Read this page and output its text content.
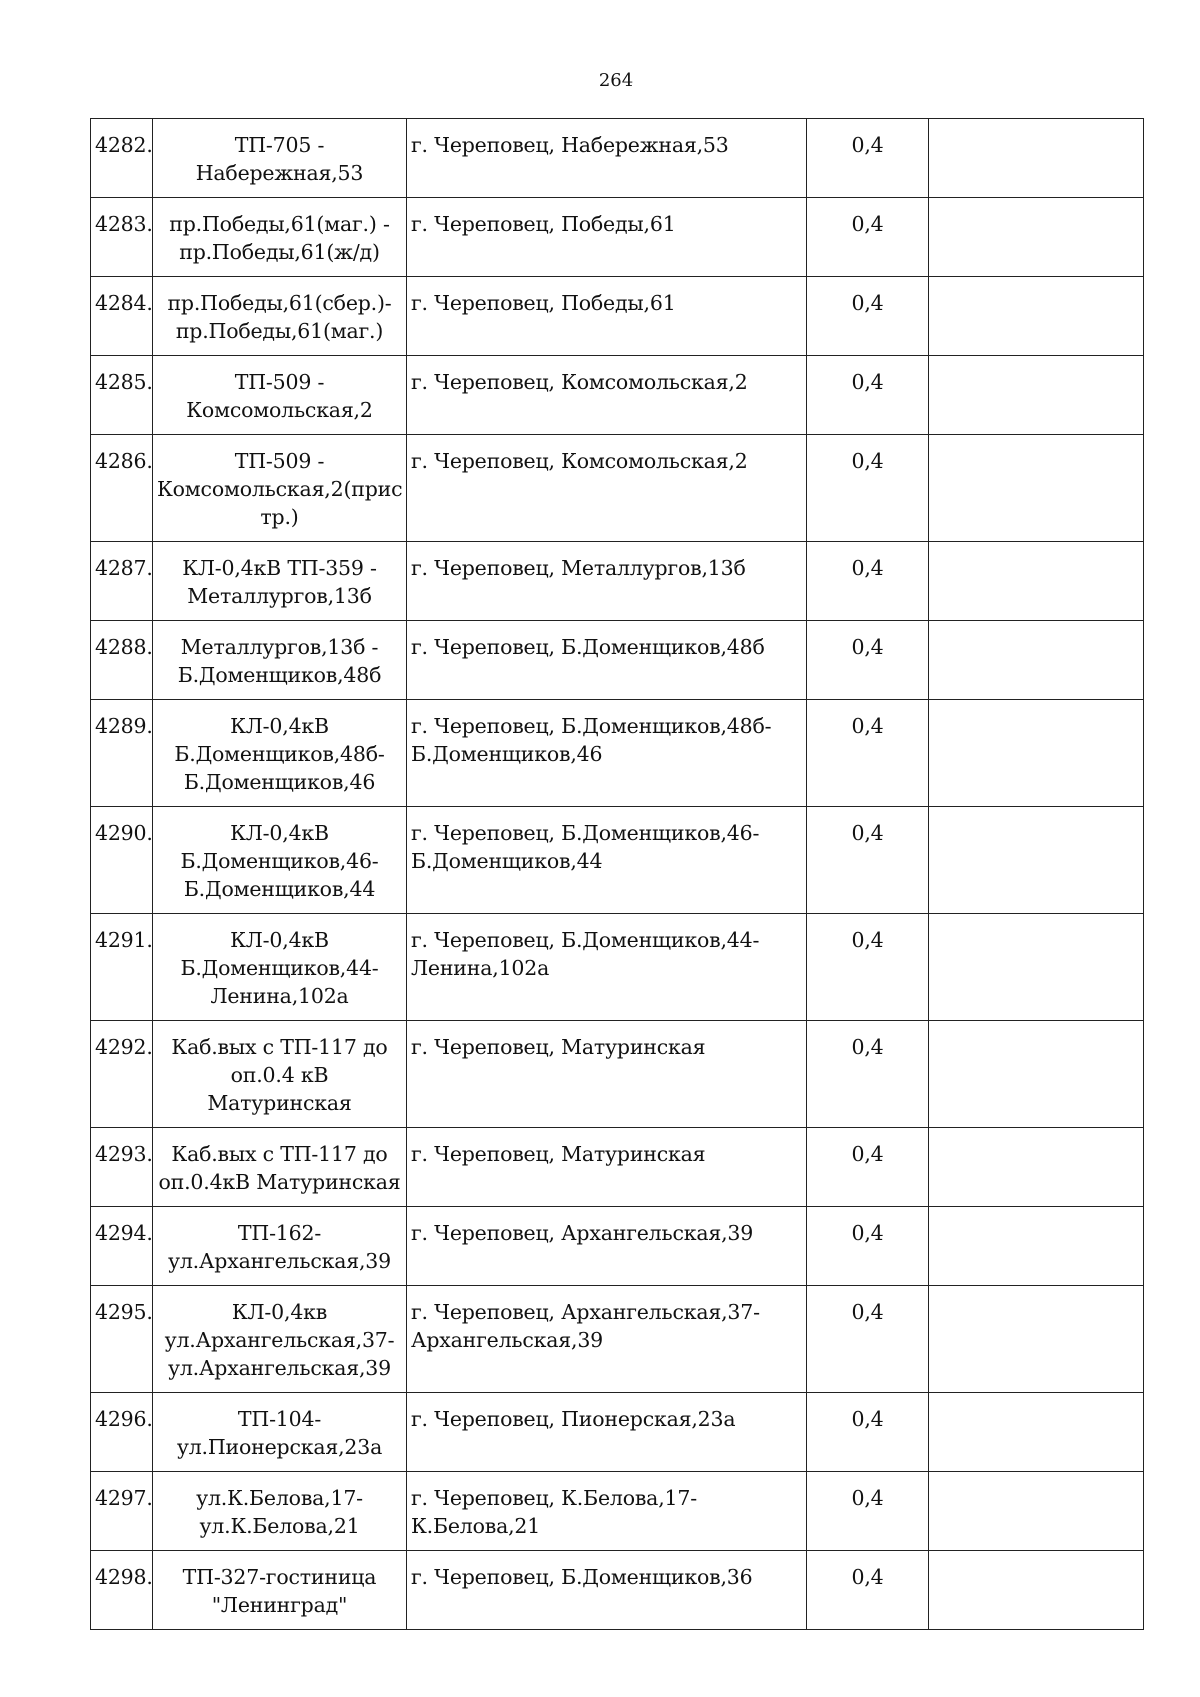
264
4282.	ТП-705 -
Набережная,53	г. Череповец, Набережная,53	0,4	
4283.	пр.Победы,61(маг.) -
пр.Победы,61(ж/д)	г. Череповец, Победы,61	0,4	
4284.	пр.Победы,61(сбер.)-
пр.Победы,61(маг.)	г. Череповец, Победы,61	0,4	
4285.	ТП-509 -
Комсомольская,2	г. Череповец, Комсомольская,2	0,4	
4286.	ТП-509 -
Комсомольская,2(прис
тр.)	г. Череповец, Комсомольская,2	0,4	
4287.	КЛ-0,4кВ ТП-359 -
Металлургов,13б	г. Череповец, Металлургов,13б	0,4	
4288.	Металлургов,13б -
Б.Доменщиков,48б	г. Череповец, Б.Доменщиков,48б	0,4	
4289.	КЛ-0,4кВ
Б.Доменщиков,48б-
Б.Доменщиков,46	г. Череповец, Б.Доменщиков,48б-
Б.Доменщиков,46	0,4	
4290.	КЛ-0,4кВ
Б.Доменщиков,46-
Б.Доменщиков,44	г. Череповец, Б.Доменщиков,46-
Б.Доменщиков,44	0,4	
4291.	КЛ-0,4кВ
Б.Доменщиков,44-
Ленина,102а	г. Череповец, Б.Доменщиков,44-
Ленина,102а	0,4	
4292.	Каб.вых с ТП-117 до
оп.0.4 кВ Матуринская	г. Череповец, Матуринская	0,4	
4293.	Каб.вых с ТП-117 до
оп.0.4кВ Матуринская	г. Череповец, Матуринская	0,4	
4294.	ТП-162-
ул.Архангельская,39	г. Череповец, Архангельская,39	0,4	
4295.	КЛ-0,4кв
ул.Архангельская,37-
ул.Архангельская,39	г. Череповец, Архангельская,37-
Архангельская,39	0,4	
4296.	ТП-104-
ул.Пионерская,23а	г. Череповец, Пионерская,23а	0,4	
4297.	ул.К.Белова,17-
ул.К.Белова,21	г. Череповец, К.Белова,17-
К.Белова,21	0,4	
4298.	ТП-327-гостиница
"Ленинград"	г. Череповец, Б.Доменщиков,36	0,4	
